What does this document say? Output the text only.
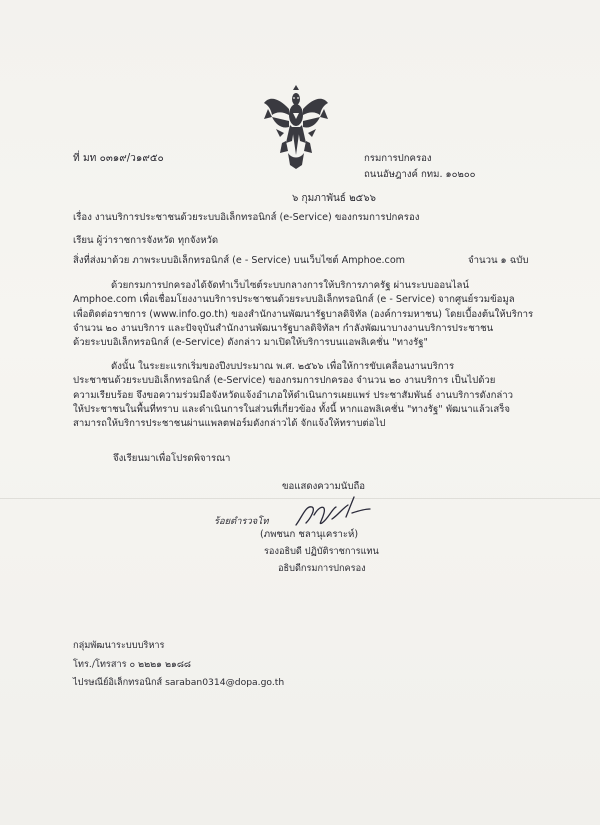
ที่ มท ๐๓๑๙/ว๑๙๕๐	กรมการปกครอง
ถนนอัษฎางค์ กทม. ๑๐๒๐๐
๖ กุมภาพันธ์ ๒๕๖๖
เรื่อง งานบริการประชาชนด้วยระบบอิเล็กทรอนิกส์ (e-Service) ของกรมการปกครอง
เรียน ผู้ว่าราชการจังหวัด ทุกจังหวัด
สิ่งที่ส่งมาด้วย ภาพระบบอิเล็กทรอนิกส์ (e - Service) บนเว็บไซต์ Amphoe.com	จำนวน ๑ ฉบับ
ด้วยกรมการปกครองได้จัดทำเว็บไซต์ระบบกลางการให้บริการภาครัฐ ผ่านระบบออนไลน์
Amphoe.com เพื่อเชื่อมโยงงานบริการประชาชนด้วยระบบอิเล็กทรอนิกส์ (e - Service) จากศูนย์รวมข้อมูล
เพื่อติดต่อราชการ (www.info.go.th) ของสำนักงานพัฒนารัฐบาลดิจิทัล (องค์การมหาชน) โดยเบื้องต้นให้บริการ
จำนวน ๒๐ งานบริการ และปัจจุบันสำนักงานพัฒนารัฐบาลดิจิทัลฯ กำลังพัฒนาบางงานบริการประชาชน
ด้วยระบบอิเล็กทรอนิกส์ (e-Service) ดังกล่าว มาเปิดให้บริการบนแอพลิเคชั่น "ทางรัฐ"
ดังนั้น ในระยะแรกเริ่มของปีงบประมาณ พ.ศ. ๒๕๖๖ เพื่อให้การขับเคลื่อนงานบริการ
ประชาชนด้วยระบบอิเล็กทรอนิกส์ (e-Service) ของกรมการปกครอง จำนวน ๒๐ งานบริการ เป็นไปด้วย
ความเรียบร้อย จึงขอความร่วมมือจังหวัดแจ้งอำเภอให้ดำเนินการเผยแพร่ ประชาสัมพันธ์ งานบริการดังกล่าว
ให้ประชาชนในพื้นที่ทราบ และดำเนินการในส่วนที่เกี่ยวข้อง ทั้งนี้ หากแอพลิเคชั่น "ทางรัฐ" พัฒนาแล้วเสร็จ
สามารถให้บริการประชาชนผ่านแพลตฟอร์มดังกล่าวได้ จักแจ้งให้ทราบต่อไป
จึงเรียนมาเพื่อโปรดพิจารณา
ขอแสดงความนับถือ
ร้อยตำรวจโท
(ภพชนก ชลานุเคราะห์)
รองอธิบดี ปฏิบัติราชการแทน
อธิบดีกรมการปกครอง
กลุ่มพัฒนาระบบบริหาร
โทร./โทรสาร ๐ ๒๒๒๑ ๒๑๘๘
ไปรษณีย์อิเล็กทรอนิกส์ saraban0314@dopa.go.th
